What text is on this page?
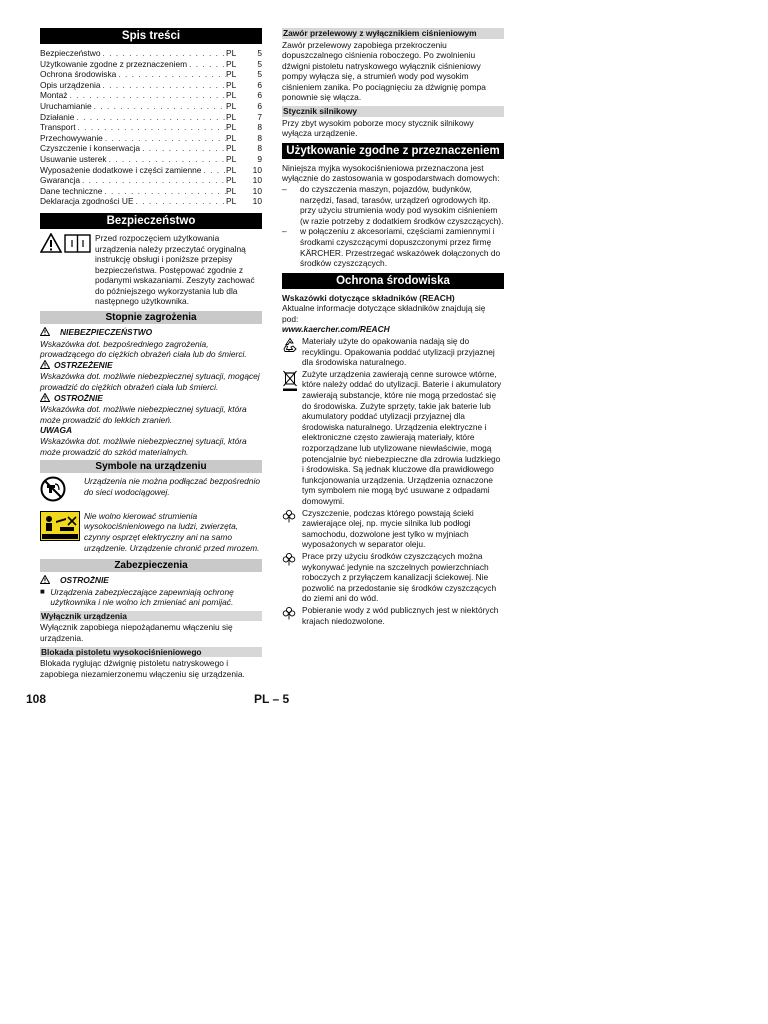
Spis treści
Bezpieczeństwo . . .	PL	5
Użytkowanie zgodne z przeznaczeniem . . .	PL	5
Ochrona środowiska . . .	PL	5
Opis urządzenia . . .	PL	6
Montaż . . .	PL	6
Uruchamianie . . .	PL	6
Działanie . . .	PL	7
Transport . . .	PL	8
Przechowywanie . . .	PL	8
Czyszczenie i konserwacja . . .	PL	8
Usuwanie usterek . . .	PL	9
Wyposażenie dodatkowe i części zamienne . . .	PL	10
Gwarancja . . .	PL	10
Dane techniczne . . .	PL	10
Deklaracja zgodności UE . . .	PL	10
Bezpieczeństwo

Przed rozpoczęciem użytkowania urządzenia należy przeczytać oryginalną instrukcję obsługi i poniższe przepisy bezpieczeństwa. Postępować zgodnie z podanymi wskazaniami. Zeszyty zachować do późniejszego wykorzystania lub dla następnego użytkownika.

Stopnie zagrożenia
NIEBEZPIECZEŃSTWO

Wskazówka dot. bezpośredniego zagrożenia, prowadzącego do ciężkich obrażeń ciała lub do śmierci.

OSTRZEŻENIE

Wskazówka dot. możliwie niebezpiecznej sytuacji, mogącej prowadzić do ciężkich obrażeń ciała lub śmierci.

OSTROŻNIE

Wskazówka dot. możliwie niebezpiecznej sytuacji, która może prowadzić do lekkich zranień.

UWAGA

Wskazówka dot. możliwie niebezpiecznej sytuacji, która może prowadzić do szkód materialnych.

Symbole na urządzeniu

Urządzenia nie można podłączać bezpośrednio do sieci wodociągowej.

Nie wolno kierować strumienia wysokociśnieniowego na ludzi, zwierzęta, czynny osprzęt elektryczny ani na samo urządzenie. Urządzenie chronić przed mrozem.

Zabezpieczenia
OSTROŻNIE
■ Urządzenia zabezpieczające zapewniają ochronę użytkownika i nie wolno ich zmieniać ani pomijać.

Wyłącznik urządzenia

Wyłącznik zapobiega niepożądanemu włączeniu się urządzenia.

Blokada pistoletu wysokociśnieniowego

Blokada ryglując dźwignię pistoletu natryskowego i zapobiega niezamierzonemu włączeniu się urządzenia.

Zawór przelewowy z wyłącznikiem ciśnieniowym

Zawór przelewowy zapobiega przekroczeniu dopuszczalnego ciśnienia roboczego. Po zwolnieniu dźwigni pistoletu natryskowego wyłącznik ciśnieniowy pompy wyłącza się, a strumień wody pod wysokim ciśnieniem zanika. Po pociągnięciu za dźwignię pompa ponownie się włącza.

Stycznik silnikowy

Przy zbyt wysokim poborze mocy stycznik silnikowy wyłącza urządzenie.

Użytkowanie zgodne z przeznaczeniem

Niniejsza myjka wysokociśnieniowa przeznaczona jest wyłącznie do zastosowania w gospodarstwach domowych:

–	do czyszczenia maszyn, pojazdów, budynków, narzędzi, fasad, tarasów, urządzeń ogrodowych itp. przy użyciu strumienia wody pod wysokim ciśnieniem (w razie potrzeby z dodatkiem środków czyszczących).

–	w połączeniu z akcesoriami, częściami zamiennymi i środkami czyszczącymi dopuszczonymi przez firmę KÄRCHER. Przestrzegać wskazówek dołączonych do środków czyszczących.

Ochrona środowiska

Wskazówki dotyczące składników (REACH)

Aktualne informacje dotyczące składników znajdują się pod:

www.kaercher.com/REACH

Materiały użyte do opakowania nadają się do recyklingu. Opakowania poddać utylizacji przyjaznej dla środowiska naturalnego.

Zużyte urządzenia zawierają cenne surowce wtórne, które należy oddać do utylizacji. Baterie i akumulatory zawierają substancje, które nie mogą przedostać się do środowiska. Zużyte sprzęty, takie jak baterie lub akumulatory poddać utylizacji przyjaznej dla środowiska naturalnego. Urządzenia elektryczne i elektroniczne często zawierają materiały, które rozporządzane lub utylizowane niewłaściwie, mogą potencjalnie być niebezpieczne dla zdrowia ludzkiego i środowiska. Są jednak kluczowe dla prawidłowego funkcjonowania urządzenia. Urządzenia oznaczone tym symbolem nie mogą być usuwane z odpadami domowymi.

Czyszczenie, podczas którego powstają ścieki zawierające olej, np. mycie silnika lub podłogi samochodu, dozwolone jest tylko w myjniach wyposażonych w separator oleju.

Prace przy użyciu środków czyszczących można wykonywać jedynie na szczelnych powierzchniach roboczych z przyłączem kanalizacji ściekowej. Nie pozwolić na przedostanie się środków czyszczących do ziemi ani do wód.

Pobieranie wody z wód publicznych jest w niektórych krajach niedozwolone.

108	PL – 5
